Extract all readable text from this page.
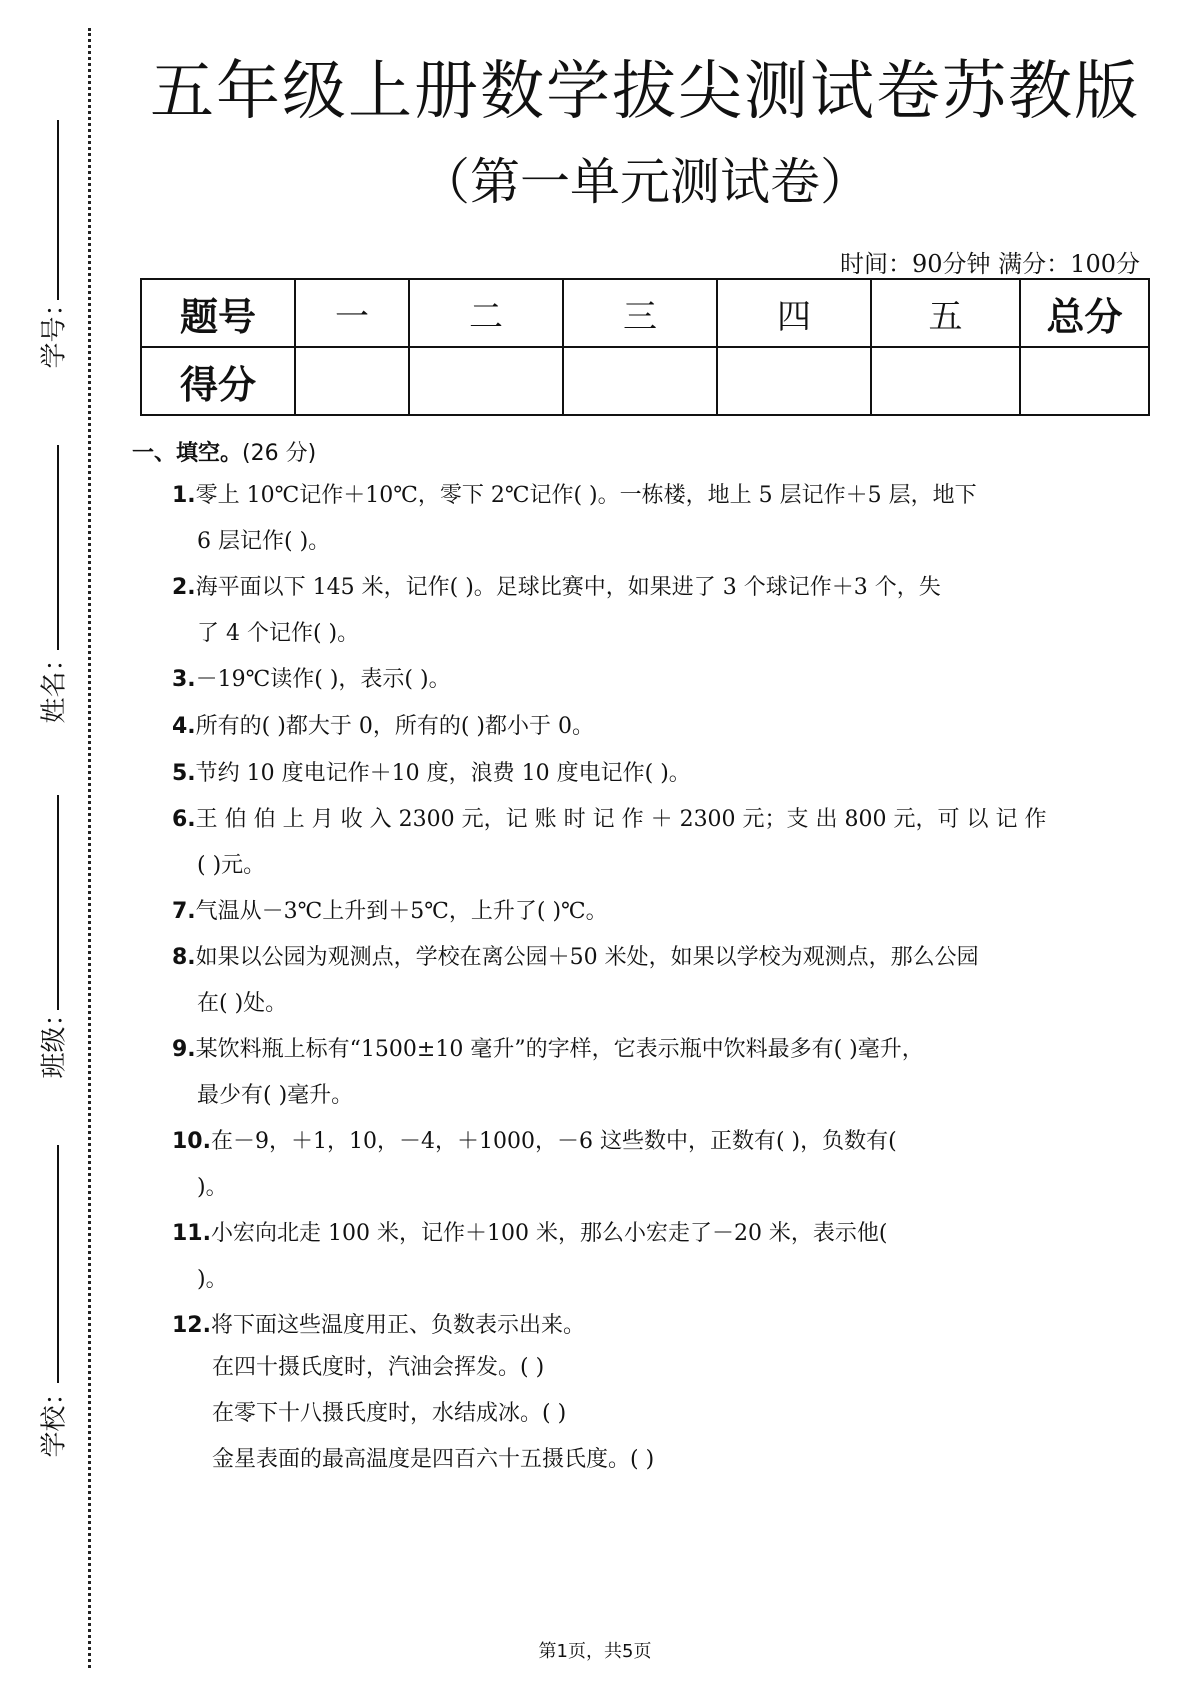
学号：
姓名：
班级：
学校：
五年级上册数学拔尖测试卷苏教版
（第一单元测试卷）
时间：90分钟 满分：100分
题号	一	二	三	四	五	总分
得分						
一、填空。(26 分)
1.零上 10℃记作＋10℃，零下 2℃记作( )。一栋楼，地上 5 层记作＋5 层，地下
6 层记作( )。
2.海平面以下 145 米，记作( )。足球比赛中，如果进了 3 个球记作＋3 个，失
了 4 个记作( )。
3.－19℃读作( )，表示( )。
4.所有的( )都大于 0，所有的( )都小于 0。
5.节约 10 度电记作＋10 度，浪费 10 度电记作( )。
6.王 伯 伯 上 月 收 入 2300 元，记 账 时 记 作 ＋ 2300 元；支 出 800 元，可 以 记 作
( )元。
7.气温从－3℃上升到＋5℃，上升了( )℃。
8.如果以公园为观测点，学校在离公园＋50 米处，如果以学校为观测点，那么公园
在( )处。
9.某饮料瓶上标有“1500±10 毫升”的字样，它表示瓶中饮料最多有( )毫升，
最少有( )毫升。
10.在－9，＋1，10，－4，＋1000，－6 这些数中，正数有( )，负数有(
)。
11.小宏向北走 100 米，记作＋100 米，那么小宏走了－20 米，表示他(
)。
12.将下面这些温度用正、负数表示出来。
在四十摄氏度时，汽油会挥发。( )
在零下十八摄氏度时，水结成冰。( )
金星表面的最高温度是四百六十五摄氏度。( )
第1页，共5页
